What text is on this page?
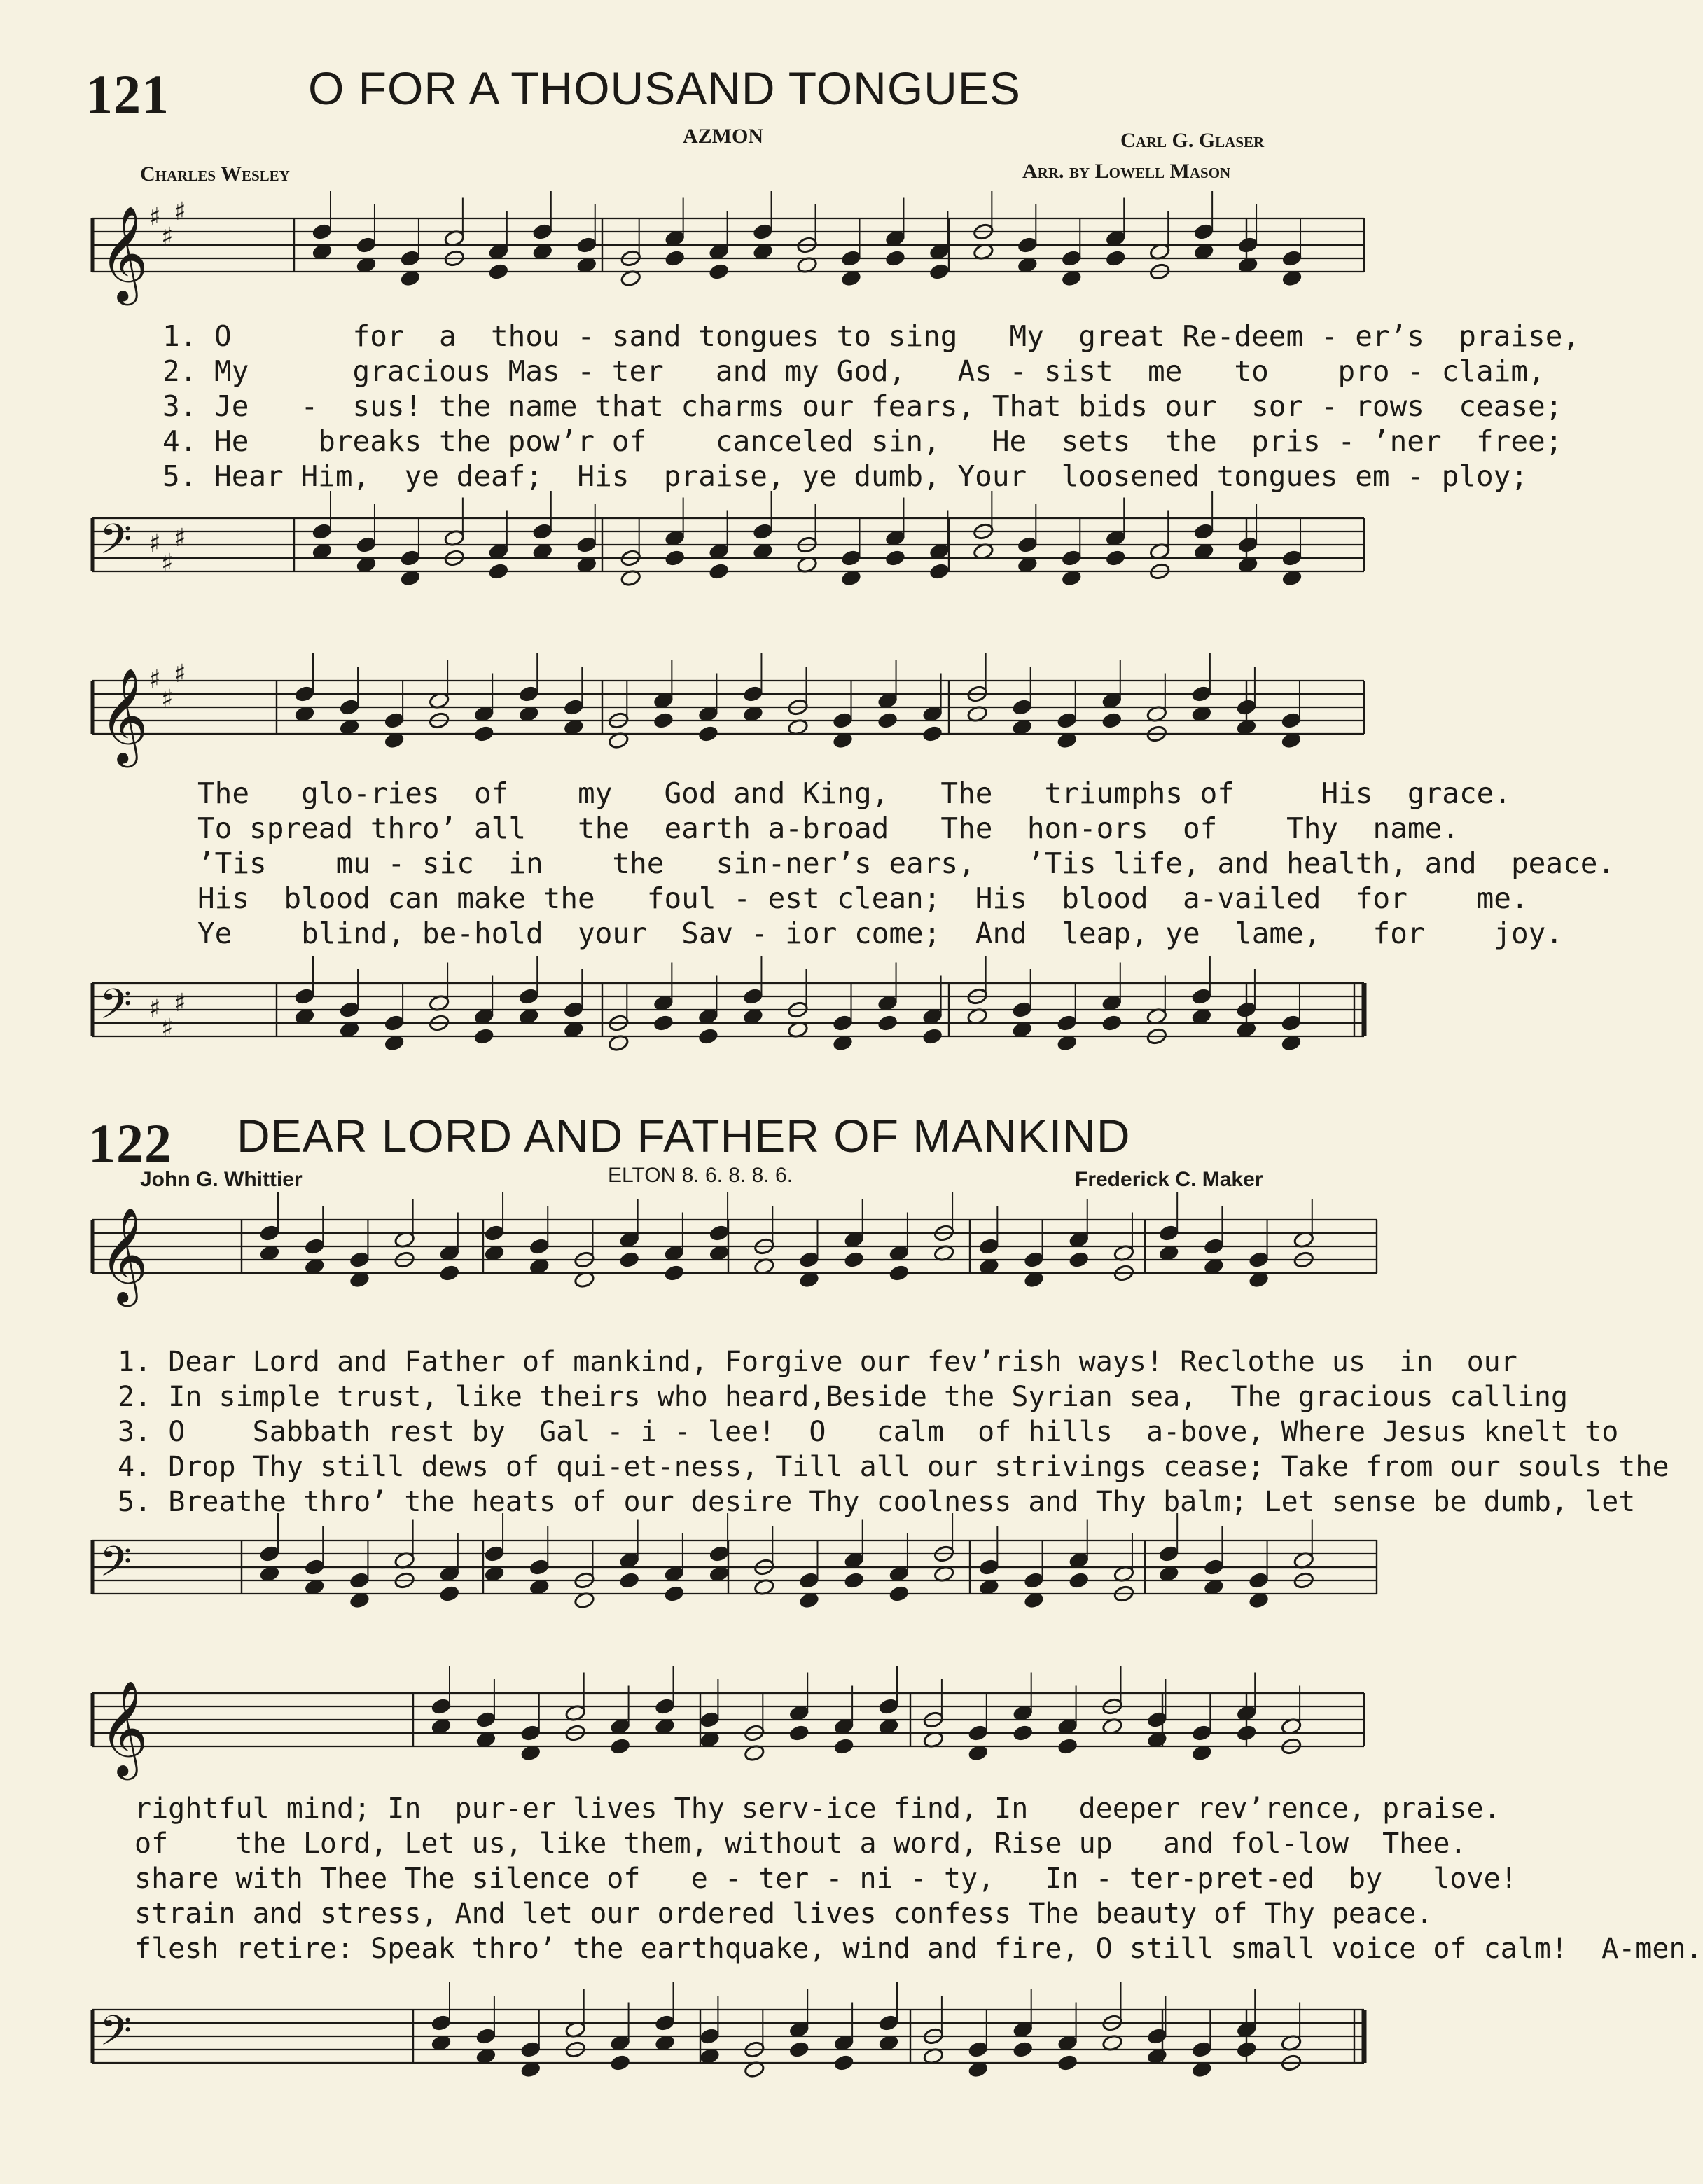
121	O FOR A THOUSAND TONGUES
AZMON	Carl G. Glaser
Charles Wesley	Arr. by Lowell Mason
𝄞 ♯
♯
♯
𝄢 ♯
♯
♯
𝄞 ♯
♯
♯
𝄢 ♯
♯
♯
𝄞
𝄢
𝄞
𝄢
1. O       for  a  thou - sand tongues to sing   My  great Re-deem - er’s  praise,
2. My      gracious Mas - ter   and my God,   As - sist  me   to    pro - claim,
3. Je   -  sus! the name that charms our fears, That bids our  sor - rows  cease;
4. He    breaks the pow’r of    canceled sin,   He  sets  the  pris - ’ner  free;
5. Hear Him,  ye deaf;  His  praise, ye dumb, Your  loosened tongues em - ploy;
The   glo-ries  of    my   God and King,   The   triumphs of     His  grace.
To spread thro’ all   the  earth a-broad   The  hon-ors  of    Thy  name.
’Tis    mu - sic  in    the   sin-ner’s ears,   ’Tis life, and health, and  peace.
His  blood can make the   foul - est clean;  His  blood  a-vailed  for    me.
Ye    blind, be-hold  your  Sav - ior come;  And  leap, ye  lame,   for    joy.
122 DEAR LORD AND FATHER OF MANKIND
John G. Whittier	ELTON 8. 6. 8. 8. 6.	Frederick C. Maker
1. Dear Lord and Father of mankind, Forgive our fev’rish ways! Reclothe us  in  our
2. In simple trust, like theirs who heard,Beside the Syrian sea,  The gracious calling
3. O    Sabbath rest by  Gal - i - lee!  O   calm  of hills  a-bove, Where Jesus knelt to
4. Drop Thy still dews of qui-et-ness, Till all our strivings cease; Take from our souls the
5. Breathe thro’ the heats of our desire Thy coolness and Thy balm; Let sense be dumb, let
rightful mind; In  pur-er lives Thy serv-ice find, In   deeper rev’rence, praise.
of    the Lord, Let us, like them, without a word, Rise up   and fol-low  Thee.
share with Thee The silence of   e - ter - ni - ty,   In - ter-pret-ed  by   love!
strain and stress, And let our ordered lives confess The beauty of Thy peace.
flesh retire: Speak thro’ the earthquake, wind and fire, O still small voice of calm!  A-men.
